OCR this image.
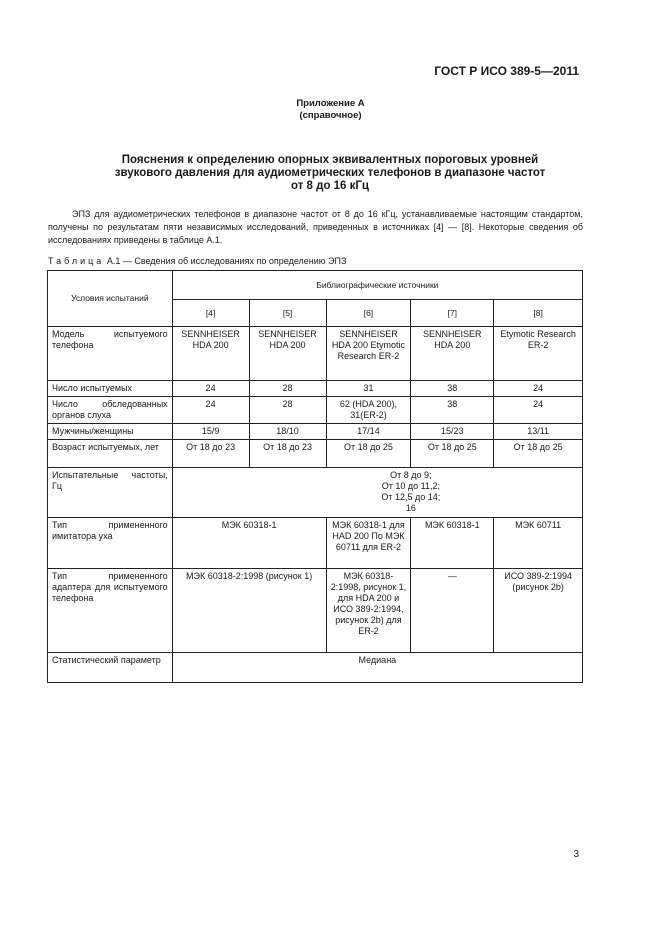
ГОСТ Р ИСО 389-5—2011
Приложение А
(справочное)
Пояснения к определению опорных эквивалентных пороговых уровней
звукового давления для аудиометрических телефонов в диапазоне частот
от 8 до 16 кГц
ЭПЗ для аудиометрических телефонов в диапазоне частот от 8 до 16 кГц, устанавливаемые настоящим стандартом, получены по результатам пяти независимых исследований, приведенных в источниках [4] — [8]. Некоторые сведения об исследованиях приведены в таблице А.1.
Таблица А.1 — Сведения об исследованиях по определению ЭПЗ
Условия испытаний	Библиографические источники				
	[4]	[5]	[6]	[7]	[8]
Модель испытуемого телефона	SENNHEISER HDA 200	SENNHEISER HDA 200	SENNHEISER HDA 200 Etymotic Research ER-2	SENNHEISER HDA 200	Etymotic Research ER-2
Число испытуемых	24	28	31	38	24
Число обследованных органов слуха	24	28	62 (HDA 200), 31(ER-2)	38	24
Мужчины/женщины	15/9	18/10	17/14	15/23	13/11
Возраст испытуемых, лет	От 18 до 23	От 18 до 23	От 18 до 25	От 18 до 25	От 18 до 25
Испытательные частоты, Гц	От 8 до 9;
От 10 до 11,2;
От 12,5 до 14;
16				

Тип примененного имитатора уха	МЭК 60318-1		МЭК 60318-1 для HAD 200 По МЭК 60711 для ER-2	МЭК 60318-1	МЭК 60711
Тип примененного адаптера для испытуемого телефона	МЭК 60318-2:1998 (рисунок 1)		МЭК 60318-2:1998, рисунок 1, для HDA 200 и ИСО 389-2:1994, рисунок 2b) для ER-2	—	ИСО 389-2:1994 (рисунок 2b)
Статистический параметр	Медиана				
3
